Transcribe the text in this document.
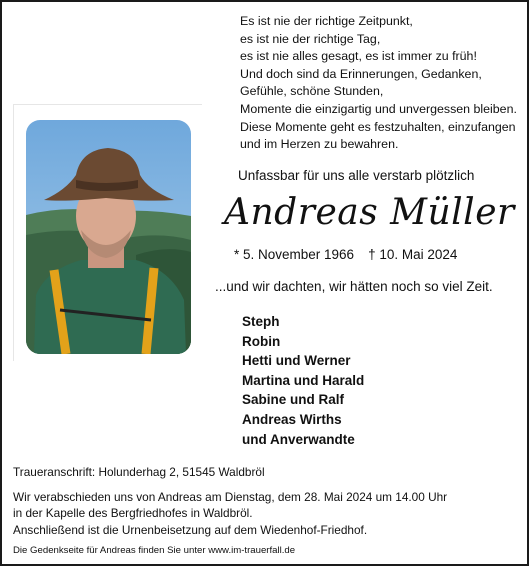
Es ist nie der richtige Zeitpunkt,
es ist nie der richtige Tag,
es ist nie alles gesagt, es ist immer zu früh!
Und doch sind da Erinnerungen, Gedanken,
Gefühle, schöne Stunden,
Momente die einzigartig und unvergessen bleiben.
Diese Momente geht es festzuhalten, einzufangen
und im Herzen zu bewahren.
Unfassbar für uns alle verstarb plötzlich
Andreas Müller
* 5. November 1966 † 10. Mai 2024
...und wir dachten, wir hätten noch so viel Zeit.
Steph
Robin
Hetti und Werner
Martina und Harald
Sabine und Ralf
Andreas Wirths
und Anverwandte
Traueranschrift: Holunderhag 2, 51545 Waldbröl
Wir verabschieden uns von Andreas am Dienstag, dem 28. Mai 2024 um 14.00 Uhr
in der Kapelle des Bergfriedhofes in Waldbröl.
Anschließend ist die Urnenbeisetzung auf dem Wiedenhof-Friedhof.
Die Gedenkseite für Andreas finden Sie unter www.im-trauerfall.de
